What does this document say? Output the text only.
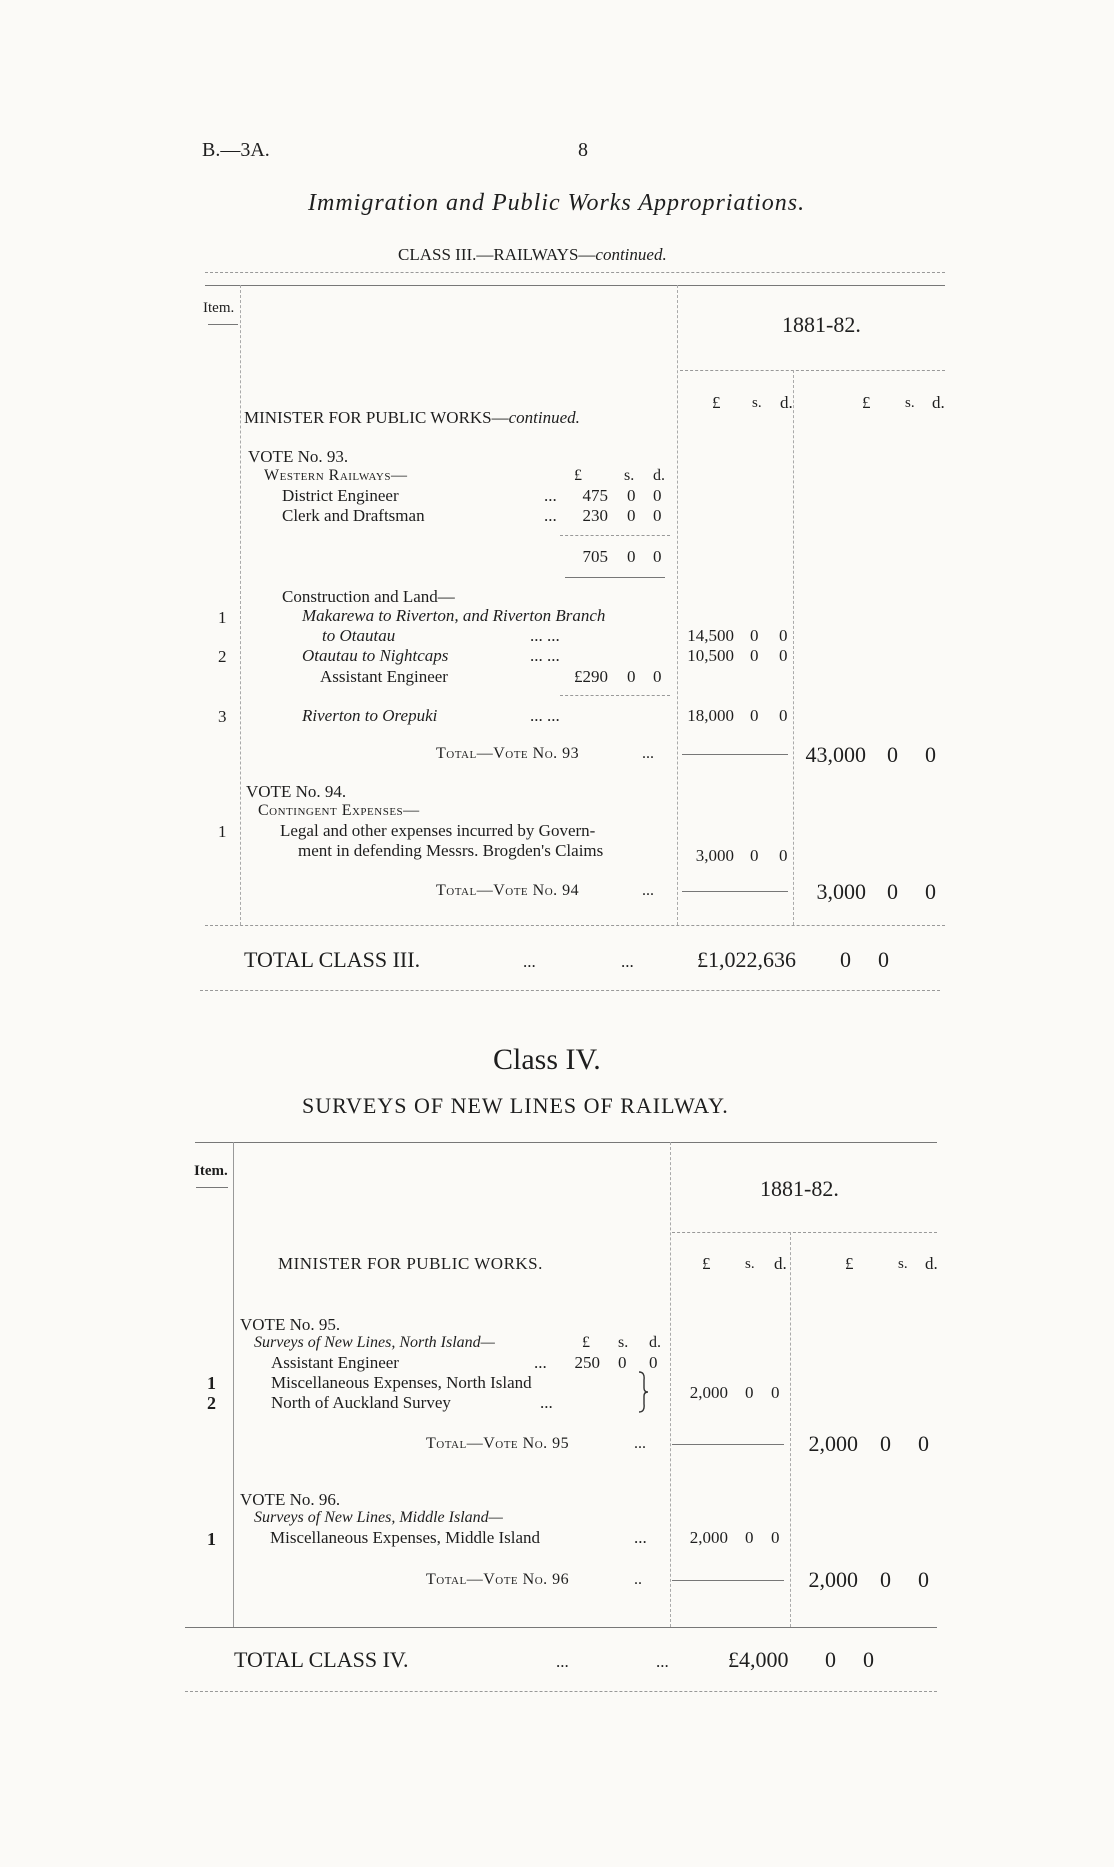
B.—3A.	8
Immigration and Public Works Appropriations.
CLASS III.—RAILWAYS—continued.
Item.
1881-82.
£ s. d.	£ s. d.
MINISTER FOR PUBLIC WORKS—continued.
VOTE No. 93.
Western Railways—	£	s. d.
District Engineer	...	475 0 0
Clerk and Draftsman	...	230 0 0
705 0 0
Construction and Land—
1	Makarewa to Riverton, and Riverton Branch
to Otautau	... ...	14,500 0 0
2	Otautau to Nightcaps	... ...	10,500 0 0
Assistant Engineer	£290 0 0
3	Riverton to Orepuki	... ...	18,000 0 0
Total—Vote No. 93	...	43,000 0 0
VOTE No. 94.
Contingent Expenses—
1	Legal and other expenses incurred by Govern-
ment in defending Messrs. Brogden's Claims	3,000 0 0
Total—Vote No. 94	...	3,000 0 0
TOTAL CLASS III.	...	...	£1,022,636 0 0
Class IV.
SURVEYS OF NEW LINES OF RAILWAY.
Item.
1881-82.
£ s. d.	£	s. d.
MINISTER FOR PUBLIC WORKS.
VOTE No. 95.
Surveys of New Lines, North Island—	£ s. d.
Assistant Engineer	...	250 0 0
1	Miscellaneous Expenses, North Island
2	North of Auckland Survey	...
2,000 0 0
Total—Vote No. 95	...	2,000 0 0
VOTE No. 96.
Surveys of New Lines, Middle Island—
1	Miscellaneous Expenses, Middle Island	...	2,000 0 0
Total—Vote No. 96	..	2,000 0 0
TOTAL CLASS IV.	...	...	£4,000 0 0
